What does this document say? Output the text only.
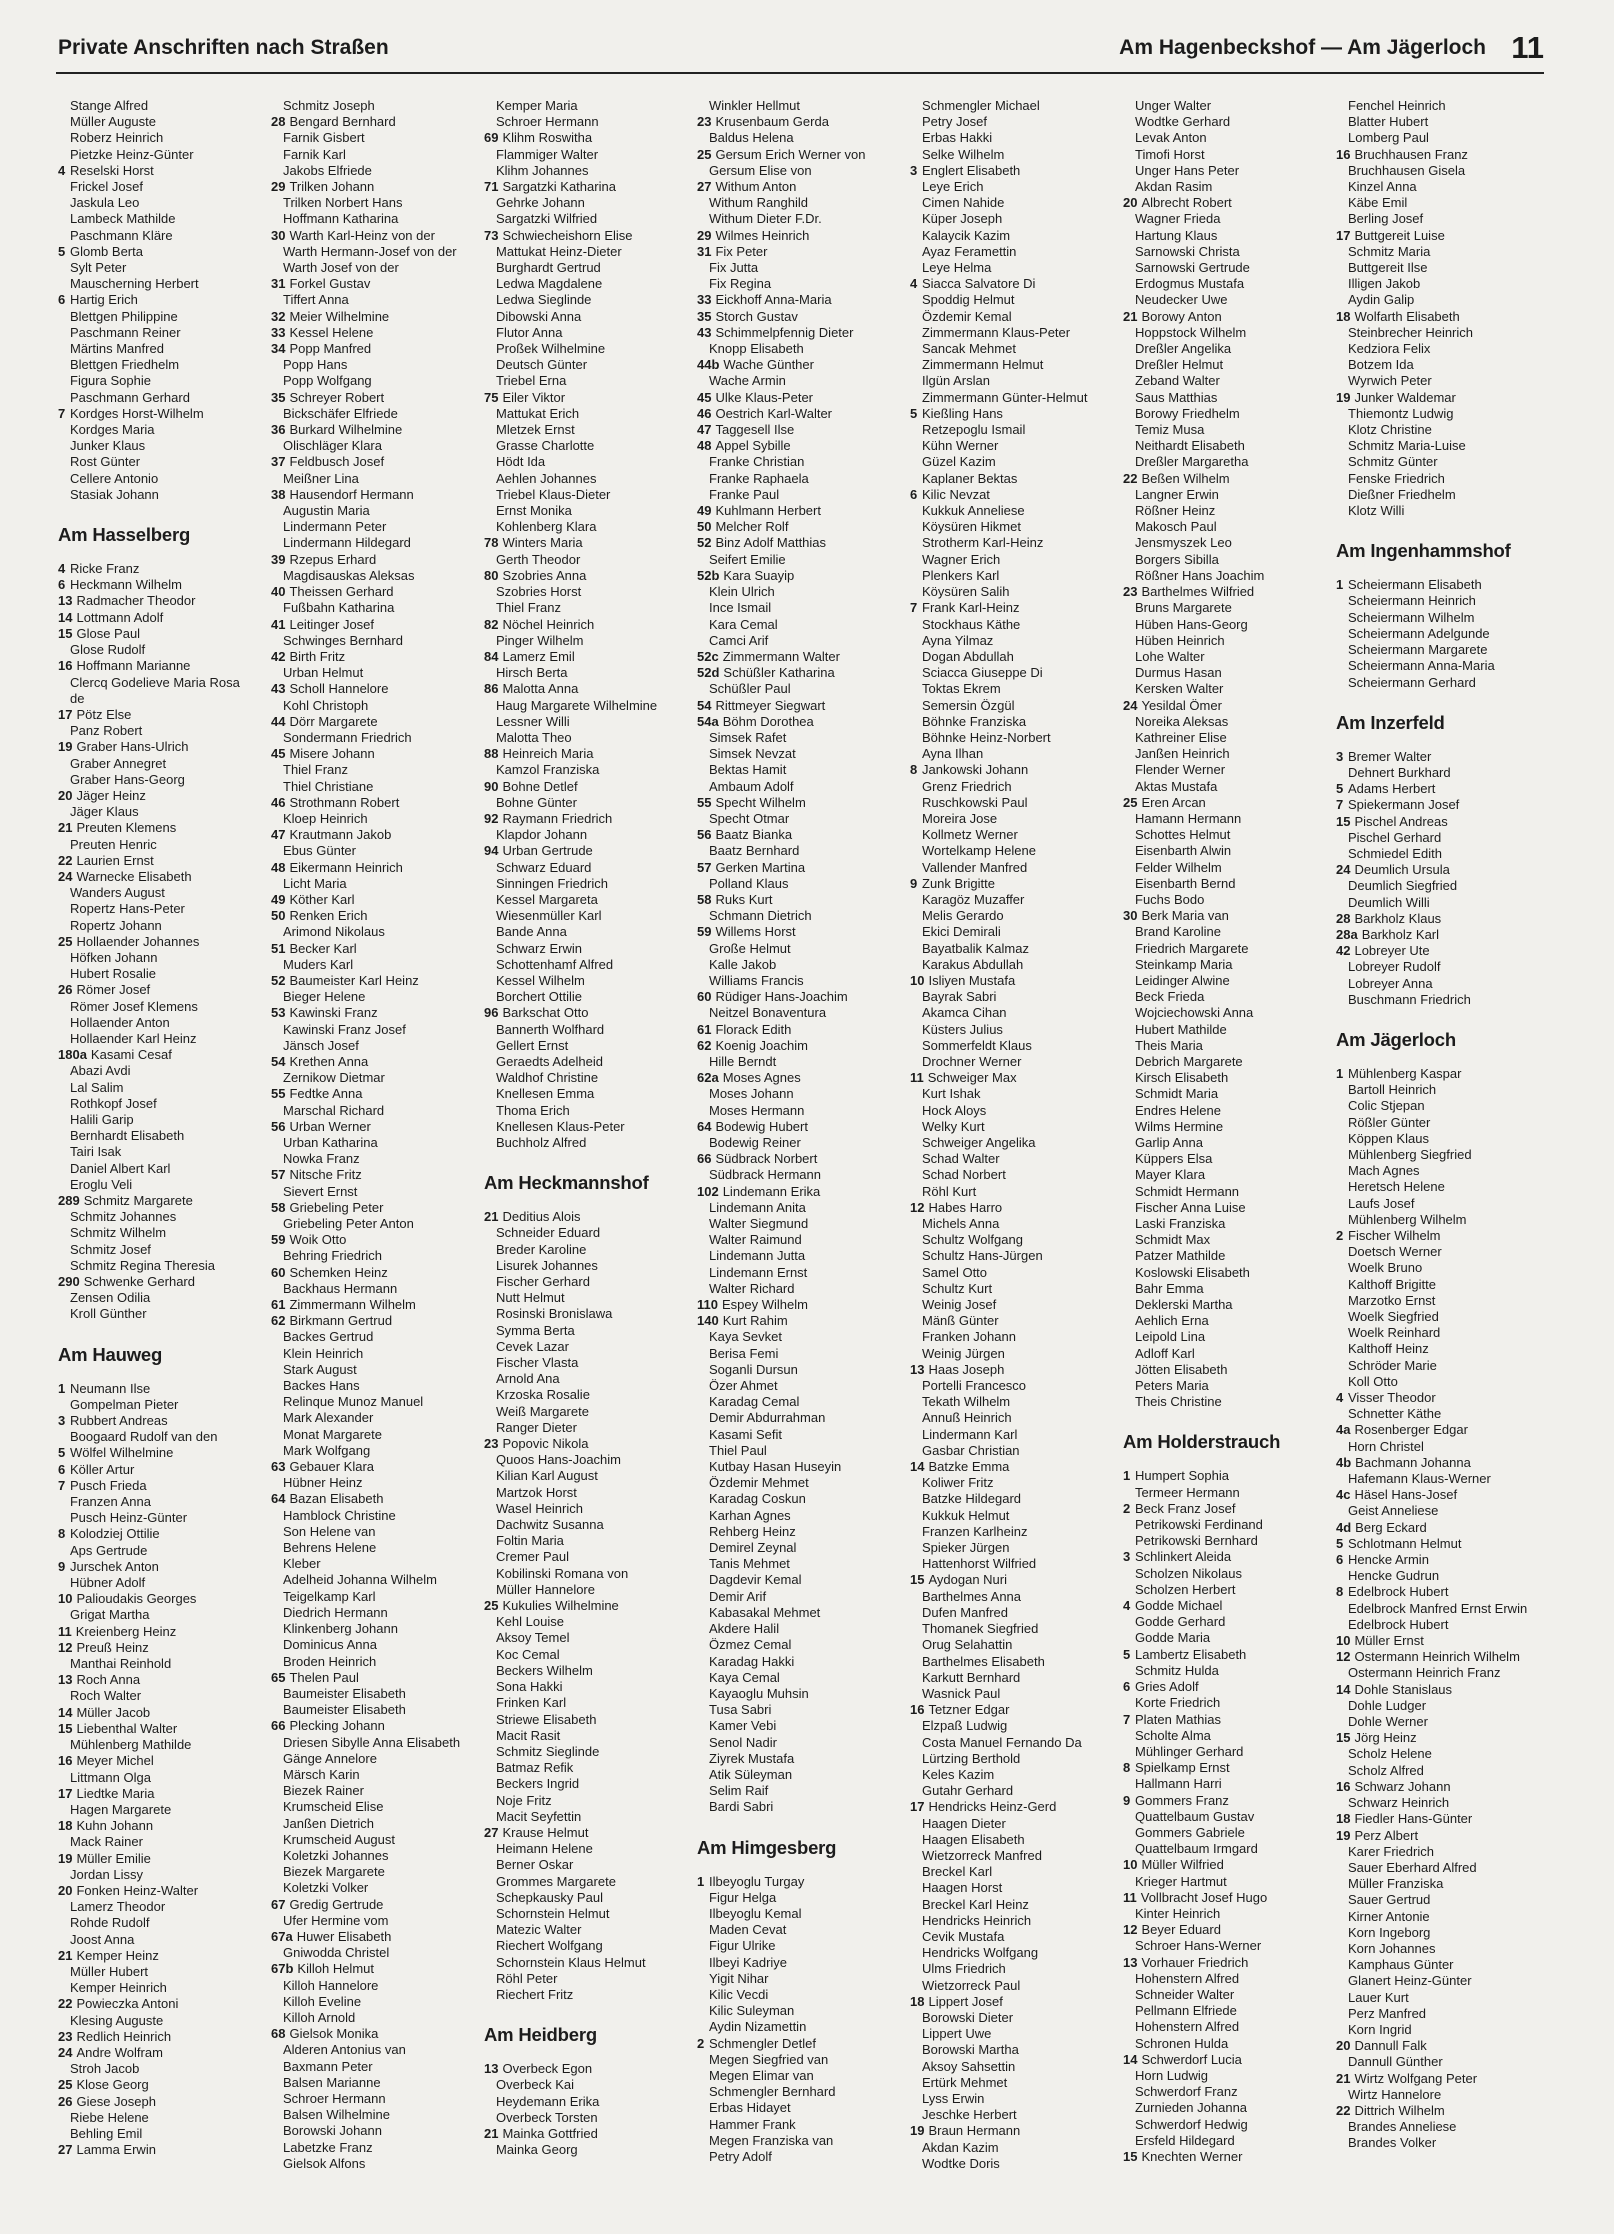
Private Anschriften nach Straßen	Am Hagenbeckshof — Am Jägerloch 11
Stange Alfred
Müller Auguste
Roberz Heinrich
Pietzke Heinz-Günter
4 Reselski Horst
Frickel Josef
Jaskula Leo
Lambeck Mathilde
Paschmann Kläre
5 Glomb Berta
Sylt Peter
Mauscherning Herbert
6 Hartig Erich
Blettgen Philippine
Paschmann Reiner
Märtins Manfred
Blettgen Friedhelm
Figura Sophie
Paschmann Gerhard
7 Kordges Horst-Wilhelm
Kordges Maria
Junker Klaus
Rost Günter
Cellere Antonio
Stasiak Johann
Am Hasselberg
4 Ricke Franz
6 Heckmann Wilhelm
13 Radmacher Theodor
14 Lottmann Adolf
15 Glose Paul
Glose Rudolf
16 Hoffmann Marianne
Clercq Godelieve Maria Rosa
de
17 Pötz Else
Panz Robert
19 Graber Hans-Ulrich
Graber Annegret
Graber Hans-Georg
20 Jäger Heinz
Jäger Klaus
21 Preuten Klemens
Preuten Henric
22 Laurien Ernst
24 Warnecke Elisabeth
Wanders August
Ropertz Hans-Peter
Ropertz Johann
25 Hollaender Johannes
Höfken Johann
Hubert Rosalie
26 Römer Josef
Römer Josef Klemens
Hollaender Anton
Hollaender Karl Heinz
180a Kasami Cesaf
Abazi Avdi
Lal Salim
Rothkopf Josef
Halili Garip
Bernhardt Elisabeth
Tairi Isak
Daniel Albert Karl
Eroglu Veli
289 Schmitz Margarete
Schmitz Johannes
Schmitz Wilhelm
Schmitz Josef
Schmitz Regina Theresia
290 Schwenke Gerhard
Zensen Odilia
Kroll Günther
Am Hauweg
1 Neumann Ilse
Gompelman Pieter
3 Rubbert Andreas
Boogaard Rudolf van den
5 Wölfel Wilhelmine
6 Köller Artur
7 Pusch Frieda
Franzen Anna
Pusch Heinz-Günter
8 Kolodziej Ottilie
Aps Gertrude
9 Jurschek Anton
Hübner Adolf
10 Palioudakis Georges
Grigat Martha
11 Kreienberg Heinz
12 Preuß Heinz
Manthai Reinhold
13 Roch Anna
Roch Walter
14 Müller Jacob
15 Liebenthal Walter
Mühlenberg Mathilde
16 Meyer Michel
Littmann Olga
17 Liedtke Maria
Hagen Margarete
18 Kuhn Johann
Mack Rainer
19 Müller Emilie
Jordan Lissy
20 Fonken Heinz-Walter
Lamerz Theodor
Rohde Rudolf
Joost Anna
21 Kemper Heinz
Müller Hubert
Kemper Heinrich
22 Powieczka Antoni
Klesing Auguste
23 Redlich Heinrich
24 Andre Wolfram
Stroh Jacob
25 Klose Georg
26 Giese Joseph
Riebe Helene
Behling Emil
27 Lamma Erwin
Schmitz Joseph
28 Bengard Bernhard
Farnik Gisbert
Farnik Karl
Jakobs Elfriede
29 Trilken Johann
Trilken Norbert Hans
Hoffmann Katharina
30 Warth Karl-Heinz von der
Warth Hermann-Josef von der
Warth Josef von der
31 Forkel Gustav
Tiffert Anna
32 Meier Wilhelmine
33 Kessel Helene
34 Popp Manfred
Popp Hans
Popp Wolfgang
35 Schreyer Robert
Bickschäfer Elfriede
36 Burkard Wilhelmine
Olischläger Klara
37 Feldbusch Josef
Meißner Lina
38 Hausendorf Hermann
Augustin Maria
Lindermann Peter
Lindermann Hildegard
39 Rzepus Erhard
Magdisauskas Aleksas
40 Theissen Gerhard
Fußbahn Katharina
41 Leitinger Josef
Schwinges Bernhard
42 Birth Fritz
Urban Helmut
43 Scholl Hannelore
Kohl Christoph
44 Dörr Margarete
Sondermann Friedrich
45 Misere Johann
Thiel Franz
Thiel Christiane
46 Strothmann Robert
Kloep Heinrich
47 Krautmann Jakob
Ebus Günter
48 Eikermann Heinrich
Licht Maria
49 Köther Karl
50 Renken Erich
Arimond Nikolaus
51 Becker Karl
Muders Karl
52 Baumeister Karl Heinz
Bieger Helene
53 Kawinski Franz
Kawinski Franz Josef
Jänsch Josef
54 Krethen Anna
Zernikow Dietmar
55 Fedtke Anna
Marschal Richard
56 Urban Werner
Urban Katharina
Nowka Franz
57 Nitsche Fritz
Sievert Ernst
58 Griebeling Peter
Griebeling Peter Anton
59 Woik Otto
Behring Friedrich
60 Schemken Heinz
Backhaus Hermann
61 Zimmermann Wilhelm
62 Birkmann Gertrud
Backes Gertrud
Klein Heinrich
Stark August
Backes Hans
Relinque Munoz Manuel
Mark Alexander
Monat Margarete
Mark Wolfgang
63 Gebauer Klara
Hübner Heinz
64 Bazan Elisabeth
Hamblock Christine
Son Helene van
Behrens Helene
Kleber
Adelheid Johanna Wilhelm
Teigelkamp Karl
Diedrich Hermann
Klinkenberg Johann
Dominicus Anna
Broden Heinrich
65 Thelen Paul
Baumeister Elisabeth
Baumeister Elisabeth
66 Plecking Johann
Driesen Sibylle Anna Elisabeth
Gänge Annelore
Märsch Karin
Biezek Rainer
Krumscheid Elise
Janßen Dietrich
Krumscheid August
Koletzki Johannes
Biezek Margarete
Koletzki Volker
67 Gredig Gertrude
Ufer Hermine vom
67a Huwer Elisabeth
Gniwodda Christel
67b Killoh Helmut
Killoh Hannelore
Killoh Eveline
Killoh Arnold
68 Gielsok Monika
Alderen Antonius van
Baxmann Peter
Balsen Marianne
Schroer Hermann
Balsen Wilhelmine
Borowski Johann
Labetzke Franz
Gielsok Alfons
Kemper Maria
Schroer Hermann
69 Klihm Roswitha
Flammiger Walter
Klihm Johannes
71 Sargatzki Katharina
Gehrke Johann
Sargatzki Wilfried
73 Schwiecheishorn Elise
Mattukat Heinz-Dieter
Burghardt Gertrud
Ledwa Magdalene
Ledwa Sieglinde
Dibowski Anna
Flutor Anna
Proßek Wilhelmine
Deutsch Günter
Triebel Erna
75 Eiler Viktor
Mattukat Erich
Mletzek Ernst
Grasse Charlotte
Hödt Ida
Aehlen Johannes
Triebel Klaus-Dieter
Ernst Monika
Kohlenberg Klara
78 Winters Maria
Gerth Theodor
80 Szobries Anna
Szobries Horst
Thiel Franz
82 Nöchel Heinrich
Pinger Wilhelm
84 Lamerz Emil
Hirsch Berta
86 Malotta Anna
Haug Margarete Wilhelmine
Lessner Willi
Malotta Theo
88 Heinreich Maria
Kamzol Franziska
90 Bohne Detlef
Bohne Günter
92 Raymann Friedrich
Klapdor Johann
94 Urban Gertrude
Schwarz Eduard
Sinningen Friedrich
Kessel Margareta
Wiesenmüller Karl
Bande Anna
Schwarz Erwin
Schottenhamf Alfred
Kessel Wilhelm
Borchert Ottilie
96 Barkschat Otto
Bannerth Wolfhard
Gellert Ernst
Geraedts Adelheid
Waldhof Christine
Knellesen Emma
Thoma Erich
Knellesen Klaus-Peter
Buchholz Alfred
Am Heckmannshof
21 Deditius Alois
Schneider Eduard
Breder Karoline
Lisurek Johannes
Fischer Gerhard
Nutt Helmut
Rosinski Bronislawa
Symma Berta
Cevek Lazar
Fischer Vlasta
Arnold Ana
Krzoska Rosalie
Weiß Margarete
Ranger Dieter
23 Popovic Nikola
Quoos Hans-Joachim
Kilian Karl August
Martzok Horst
Wasel Heinrich
Dachwitz Susanna
Foltin Maria
Cremer Paul
Kobilinski Romana von
Müller Hannelore
25 Kukulies Wilhelmine
Kehl Louise
Aksoy Temel
Koc Cemal
Beckers Wilhelm
Sona Hakki
Frinken Karl
Striewe Elisabeth
Macit Rasit
Schmitz Sieglinde
Batmaz Refik
Beckers Ingrid
Noje Fritz
Macit Seyfettin
27 Krause Helmut
Heimann Helene
Berner Oskar
Grommes Margarete
Schepkausky Paul
Schornstein Helmut
Matezic Walter
Riechert Wolfgang
Schornstein Klaus Helmut
Röhl Peter
Riechert Fritz
Am Heidberg
13 Overbeck Egon
Overbeck Kai
Heydemann Erika
Overbeck Torsten
21 Mainka Gottfried
Mainka Georg
Winkler Hellmut
23 Krusenbaum Gerda
Baldus Helena
25 Gersum Erich Werner von
Gersum Elise von
27 Withum Anton
Withum Ranghild
Withum Dieter F.Dr.
29 Wilmes Heinrich
31 Fix Peter
Fix Jutta
Fix Regina
33 Eickhoff Anna-Maria
35 Storch Gustav
43 Schimmelpfennig Dieter
Knopp Elisabeth
44b Wache Günther
Wache Armin
45 Ulke Klaus-Peter
46 Oestrich Karl-Walter
47 Taggesell Ilse
48 Appel Sybille
Franke Christian
Franke Raphaela
Franke Paul
49 Kuhlmann Herbert
50 Melcher Rolf
52 Binz Adolf Matthias
Seifert Emilie
52b Kara Suayip
Klein Ulrich
Ince Ismail
Kara Cemal
Camci Arif
52c Zimmermann Walter
52d Schüßler Katharina
Schüßler Paul
54 Rittmeyer Siegwart
54a Böhm Dorothea
Simsek Rafet
Simsek Nevzat
Bektas Hamit
Ambaum Adolf
55 Specht Wilhelm
Specht Otmar
56 Baatz Bianka
Baatz Bernhard
57 Gerken Martina
Polland Klaus
58 Ruks Kurt
Schmann Dietrich
59 Willems Horst
Große Helmut
Kalle Jakob
Williams Francis
60 Rüdiger Hans-Joachim
Neitzel Bonaventura
61 Florack Edith
62 Koenig Joachim
Hille Berndt
62a Moses Agnes
Moses Johann
Moses Hermann
64 Bodewig Hubert
Bodewig Reiner
66 Südbrack Norbert
Südbrack Hermann
102 Lindemann Erika
Lindemann Anita
Walter Siegmund
Walter Raimund
Lindemann Jutta
Lindemann Ernst
Walter Richard
110 Espey Wilhelm
140 Kurt Rahim
Kaya Sevket
Berisa Femi
Soganli Dursun
Özer Ahmet
Karadag Cemal
Demir Abdurrahman
Kasami Sefit
Thiel Paul
Kutbay Hasan Huseyin
Özdemir Mehmet
Karadag Coskun
Karhan Agnes
Rehberg Heinz
Demirel Zeynal
Tanis Mehmet
Dagdevir Kemal
Demir Arif
Kabasakal Mehmet
Akdere Halil
Özmez Cemal
Karadag Hakki
Kaya Cemal
Kayaoglu Muhsin
Tusa Sabri
Kamer Vebi
Senol Nadir
Ziyrek Mustafa
Atik Süleyman
Selim Raif
Bardi Sabri
Am Himgesberg
1 Ilbeyoglu Turgay
Figur Helga
Ilbeyoglu Kemal
Maden Cevat
Figur Ulrike
Ilbeyi Kadriye
Yigit Nihar
Kilic Vecdi
Kilic Suleyman
Aydin Nizamettin
2 Schmengler Detlef
Megen Siegfried van
Megen Elimar van
Schmengler Bernhard
Erbas Hidayet
Hammer Frank
Megen Franziska van
Petry Adolf
Schmengler Michael
Petry Josef
Erbas Hakki
Selke Wilhelm
3 Englert Elisabeth
Leye Erich
Cimen Nahide
Küper Joseph
Kalaycik Kazim
Ayaz Feramettin
Leye Helma
4 Siacca Salvatore Di
Spoddig Helmut
Özdemir Kemal
Zimmermann Klaus-Peter
Sancak Mehmet
Zimmermann Helmut
Ilgün Arslan
Zimmermann Günter-Helmut
5 Kießling Hans
Retzepoglu Ismail
Kühn Werner
Güzel Kazim
Kaplaner Bektas
6 Kilic Nevzat
Kukkuk Anneliese
Köysüren Hikmet
Strotherm Karl-Heinz
Wagner Erich
Plenkers Karl
Köysüren Salih
7 Frank Karl-Heinz
Stockhaus Käthe
Ayna Yilmaz
Dogan Abdullah
Sciacca Giuseppe Di
Toktas Ekrem
Semersin Özgül
Böhnke Franziska
Böhnke Heinz-Norbert
Ayna Ilhan
8 Jankowski Johann
Grenz Friedrich
Ruschkowski Paul
Moreira Jose
Kollmetz Werner
Wortelkamp Helene
Vallender Manfred
9 Zunk Brigitte
Karagöz Muzaffer
Melis Gerardo
Ekici Demirali
Bayatbalik Kalmaz
Karakus Abdullah
10 Isliyen Mustafa
Bayrak Sabri
Akamca Cihan
Küsters Julius
Sommerfeldt Klaus
Drochner Werner
11 Schweiger Max
Kurt Ishak
Hock Aloys
Welky Kurt
Schweiger Angelika
Schad Walter
Schad Norbert
Röhl Kurt
12 Habes Harro
Michels Anna
Schultz Wolfgang
Schultz Hans-Jürgen
Samel Otto
Schultz Kurt
Weinig Josef
Mänß Günter
Franken Johann
Weinig Jürgen
13 Haas Joseph
Portelli Francesco
Tekath Wilhelm
Annuß Heinrich
Lindermann Karl
Gasbar Christian
14 Batzke Emma
Koliwer Fritz
Batzke Hildegard
Kukkuk Helmut
Franzen Karlheinz
Spieker Jürgen
Hattenhorst Wilfried
15 Aydogan Nuri
Barthelmes Anna
Dufen Manfred
Thomanek Siegfried
Orug Selahattin
Barthelmes Elisabeth
Karkutt Bernhard
Wasnick Paul
16 Tetzner Edgar
Elzpaß Ludwig
Costa Manuel Fernando Da
Lürtzing Berthold
Keles Kazim
Gutahr Gerhard
17 Hendricks Heinz-Gerd
Haagen Dieter
Haagen Elisabeth
Wietzorreck Manfred
Breckel Karl
Haagen Horst
Breckel Karl Heinz
Hendricks Heinrich
Cevik Mustafa
Hendricks Wolfgang
Ulms Friedrich
Wietzorreck Paul
18 Lippert Josef
Borowski Dieter
Lippert Uwe
Borowski Martha
Aksoy Sahsettin
Ertürk Mehmet
Lyss Erwin
Jeschke Herbert
19 Braun Hermann
Akdan Kazim
Wodtke Doris
Unger Walter
Wodtke Gerhard
Levak Anton
Timofi Horst
Unger Hans Peter
Akdan Rasim
20 Albrecht Robert
Wagner Frieda
Hartung Klaus
Sarnowski Christa
Sarnowski Gertrude
Erdogmus Mustafa
Neudecker Uwe
21 Borowy Anton
Hoppstock Wilhelm
Dreßler Angelika
Dreßler Helmut
Zeband Walter
Saus Matthias
Borowy Friedhelm
Temiz Musa
Neithardt Elisabeth
Dreßler Margaretha
22 Beßen Wilhelm
Langner Erwin
Rößner Heinz
Makosch Paul
Jensmyszek Leo
Borgers Sibilla
Rößner Hans Joachim
23 Barthelmes Wilfried
Bruns Margarete
Hüben Hans-Georg
Hüben Heinrich
Lohe Walter
Durmus Hasan
Kersken Walter
24 Yesildal Ömer
Noreika Aleksas
Kathreiner Elise
Janßen Heinrich
Flender Werner
Aktas Mustafa
25 Eren Arcan
Hamann Hermann
Schottes Helmut
Eisenbarth Alwin
Felder Wilhelm
Eisenbarth Bernd
Fuchs Bodo
30 Berk Maria van
Brand Karoline
Friedrich Margarete
Steinkamp Maria
Leidinger Alwine
Beck Frieda
Wojciechowski Anna
Hubert Mathilde
Theis Maria
Debrich Margarete
Kirsch Elisabeth
Schmidt Maria
Endres Helene
Wilms Hermine
Garlip Anna
Küppers Elsa
Mayer Klara
Schmidt Hermann
Fischer Anna Luise
Laski Franziska
Schmidt Max
Patzer Mathilde
Koslowski Elisabeth
Bahr Emma
Deklerski Martha
Aehlich Erna
Leipold Lina
Adloff Karl
Jötten Elisabeth
Peters Maria
Theis Christine
Am Holderstrauch
1 Humpert Sophia
Termeer Hermann
2 Beck Franz Josef
Petrikowski Ferdinand
Petrikowski Bernhard
3 Schlinkert Aleida
Scholzen Nikolaus
Scholzen Herbert
4 Godde Michael
Godde Gerhard
Godde Maria
5 Lambertz Elisabeth
Schmitz Hulda
6 Gries Adolf
Korte Friedrich
7 Platen Mathias
Scholte Alma
Mühlinger Gerhard
8 Spielkamp Ernst
Hallmann Harri
9 Gommers Franz
Quattelbaum Gustav
Gommers Gabriele
Quattelbaum Irmgard
10 Müller Wilfried
Krieger Hartmut
11 Vollbracht Josef Hugo
Kinter Heinrich
12 Beyer Eduard
Schroer Hans-Werner
13 Vorhauer Friedrich
Hohenstern Alfred
Schneider Walter
Pellmann Elfriede
Hohenstern Alfred
Schronen Hulda
14 Schwerdorf Lucia
Horn Ludwig
Schwerdorf Franz
Zurnieden Johanna
Schwerdorf Hedwig
Ersfeld Hildegard
15 Knechten Werner
Fenchel Heinrich
Blatter Hubert
Lomberg Paul
16 Bruchhausen Franz
Bruchhausen Gisela
Kinzel Anna
Käbe Emil
Berling Josef
17 Buttgereit Luise
Schmitz Maria
Buttgereit Ilse
Illigen Jakob
Aydin Galip
18 Wolfarth Elisabeth
Steinbrecher Heinrich
Kedziora Felix
Botzem Ida
Wyrwich Peter
19 Junker Waldemar
Thiemontz Ludwig
Klotz Christine
Schmitz Maria-Luise
Schmitz Günter
Fenske Friedrich
Dießner Friedhelm
Klotz Willi
Am Ingenhammshof
1 Scheiermann Elisabeth
Scheiermann Heinrich
Scheiermann Wilhelm
Scheiermann Adelgunde
Scheiermann Margarete
Scheiermann Anna-Maria
Scheiermann Gerhard
Am Inzerfeld
3 Bremer Walter
Dehnert Burkhard
5 Adams Herbert
7 Spiekermann Josef
15 Pischel Andreas
Pischel Gerhard
Schmiedel Edith
24 Deumlich Ursula
Deumlich Siegfried
Deumlich Willi
28 Barkholz Klaus
28a Barkholz Karl
42 Lobreyer Ute
Lobreyer Rudolf
Lobreyer Anna
Buschmann Friedrich
Am Jägerloch
1 Mühlenberg Kaspar
Bartoll Heinrich
Colic Stjepan
Rößler Günter
Köppen Klaus
Mühlenberg Siegfried
Mach Agnes
Heretsch Helene
Laufs Josef
Mühlenberg Wilhelm
2 Fischer Wilhelm
Doetsch Werner
Woelk Bruno
Kalthoff Brigitte
Marzotko Ernst
Woelk Siegfried
Woelk Reinhard
Kalthoff Heinz
Schröder Marie
Koll Otto
4 Visser Theodor
Schnetter Käthe
4a Rosenberger Edgar
Horn Christel
4b Bachmann Johanna
Hafemann Klaus-Werner
4c Häsel Hans-Josef
Geist Anneliese
4d Berg Eckard
5 Schlotmann Helmut
6 Hencke Armin
Hencke Gudrun
8 Edelbrock Hubert
Edelbrock Manfred Ernst Erwin
Edelbrock Hubert
10 Müller Ernst
12 Ostermann Heinrich Wilhelm
Ostermann Heinrich Franz
14 Dohle Stanislaus
Dohle Ludger
Dohle Werner
15 Jörg Heinz
Scholz Helene
Scholz Alfred
16 Schwarz Johann
Schwarz Heinrich
18 Fiedler Hans-Günter
19 Perz Albert
Karer Friedrich
Sauer Eberhard Alfred
Müller Franziska
Sauer Gertrud
Kirner Antonie
Korn Ingeborg
Korn Johannes
Kamphaus Günter
Glanert Heinz-Günter
Lauer Kurt
Perz Manfred
Korn Ingrid
20 Dannull Falk
Dannull Günther
21 Wirtz Wolfgang Peter
Wirtz Hannelore
22 Dittrich Wilhelm
Brandes Anneliese
Brandes Volker
